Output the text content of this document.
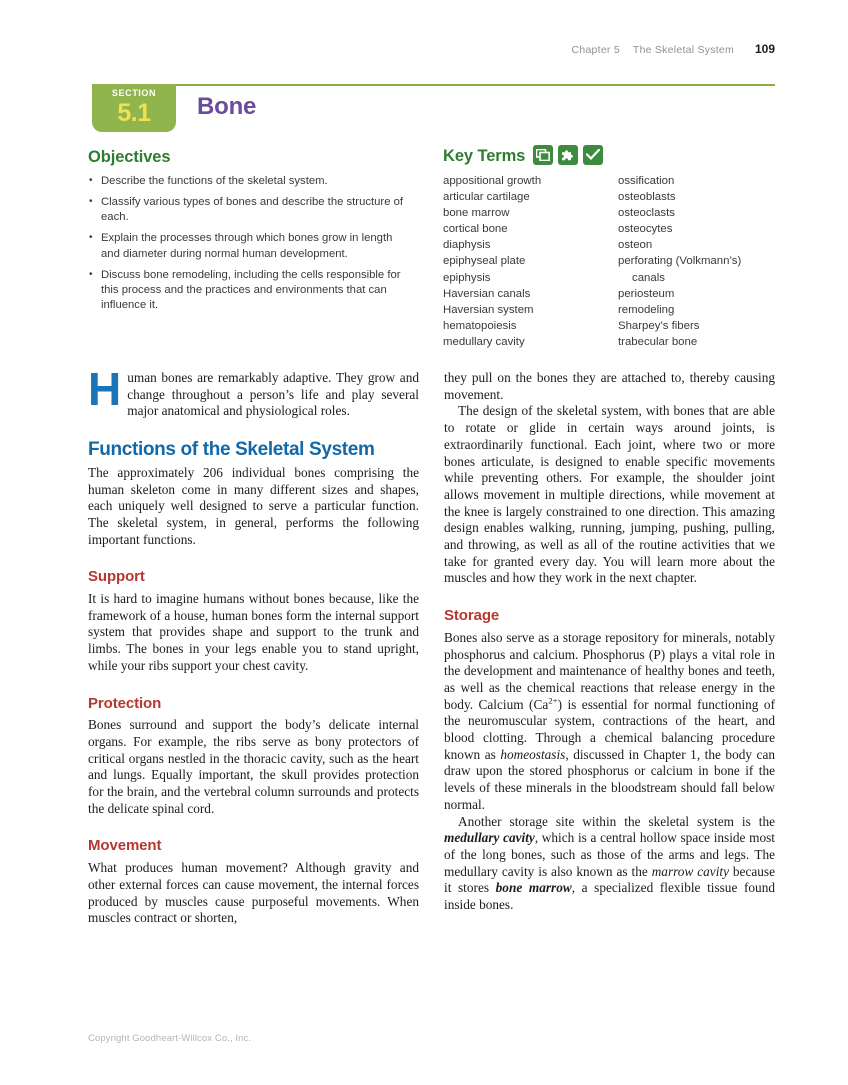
Chapter 5 The Skeletal System 109
SECTION
5.1	Bone
Objectives
• Describe the functions of the skeletal system.
• Classify various types of bones and describe the structure of each.
• Explain the processes through which bones grow in length and diameter during normal human development.
• Discuss bone remodeling, including the cells responsible for this process and the practices and environments that can influence it.
Key Terms
appositional growth
articular cartilage
bone marrow
cortical bone
diaphysis
epiphyseal plate
epiphysis
Haversian canals
Haversian system
hematopoiesis
medullary cavity
ossification
osteoblasts
osteoclasts
osteocytes
osteon
perforating (Volkmann’s)
canals
periosteum
remodeling
Sharpey’s fibers
trabecular bone

Human bones are remarkably adaptive. They grow and change throughout a person’s life and play several major anatomical and physiological roles.

Functions of the Skeletal System

The approximately 206 individual bones comprising the human skeleton come in many different sizes and shapes, each uniquely well designed to serve a particular function. The skeletal system, in general, performs the following important functions.

Support

It is hard to imagine humans without bones because, like the framework of a house, human bones form the internal support system that provides shape and support to the trunk and limbs. The bones in your legs enable you to stand upright, while your ribs support your chest cavity.

Protection

Bones surround and support the body’s delicate internal organs. For example, the ribs serve as bony protectors of critical organs nestled in the thoracic cavity, such as the heart and lungs. Equally important, the skull provides protection for the brain, and the vertebral column surrounds and protects the delicate spinal cord.

Movement

What produces human movement? Although gravity and other external forces can cause movement, the internal forces produced by muscles cause purposeful movements. When muscles contract or shorten,

they pull on the bones they are attached to, thereby causing movement.

The design of the skeletal system, with bones that are able to rotate or glide in certain ways around joints, is extraordinarily functional. Each joint, where two or more bones articulate, is designed to enable specific movements while preventing others. For example, the shoulder joint allows movement in multiple directions, while movement at the knee is largely constrained to one direction. This amazing design enables walking, running, jumping, pushing, pulling, and throwing, as well as all of the routine activities that we take for granted every day. You will learn more about the muscles and how they work in the next chapter.

Storage

Bones also serve as a storage repository for minerals, notably phosphorus and calcium. Phosphorus (P) plays a vital role in the development and maintenance of healthy bones and teeth, as well as the chemical reactions that release energy in the body. Calcium $(Ca^{2+})$ is essential for normal functioning of the neuromuscular system, contractions of the heart, and blood clotting. Through a chemical balancing procedure known as homeostasis, discussed in Chapter 1, the body can draw upon the stored phosphorus or calcium in bone if the levels of these minerals in the bloodstream should fall below normal.

Another storage site within the skeletal system is the medullary cavity, which is a central hollow space inside most of the long bones, such as those of the arms and legs. The medullary cavity is also known as the marrow cavity because it stores bone marrow, a specialized flexible tissue found inside bones.

Copyright Goodheart-Willcox Co., Inc.
